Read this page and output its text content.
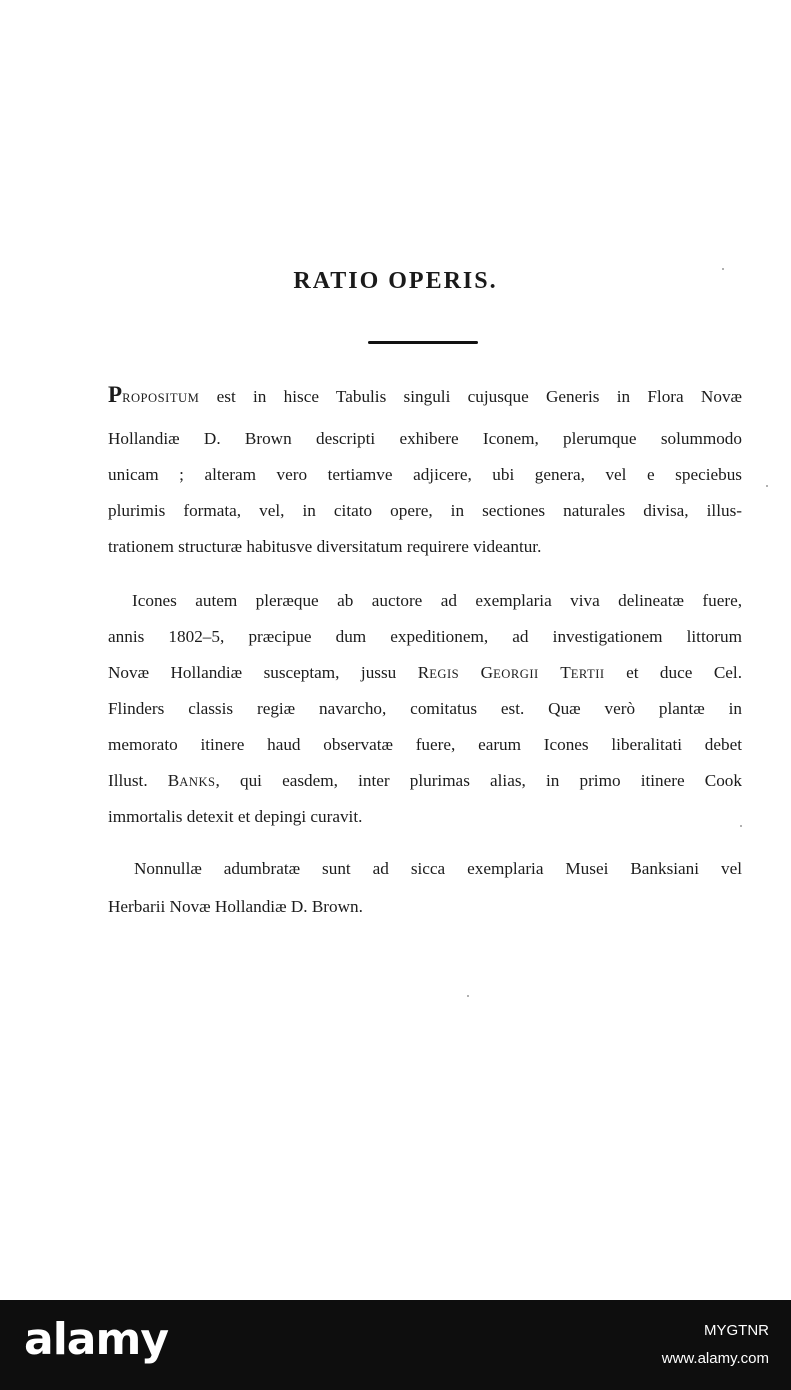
RATIO OPERIS.
PROPOSITUM est in hisce Tabulis singuli cujusque Generis in Flora Novæ
Hollandiæ D. Brown descripti exhibere Iconem, plerumque solummodo
unicam ; alteram vero tertiamve adjicere, ubi genera, vel e speciebus
plurimis formata, vel, in citato opere, in sectiones naturales divisa, illus-
trationem structuræ habitusve diversitatum requirere videantur.
Icones autem pleræque ab auctore ad exemplaria viva delineatæ fuere,
annis 1802–5, præcipue dum expeditionem, ad investigationem littorum
Novæ Hollandiæ susceptam, jussu REGIS GEORGII TERTII et duce Cel.
Flinders classis regiæ navarcho, comitatus est. Quæ verò plantæ in
memorato itinere haud observatæ fuere, earum Icones liberalitati debet
Illust. BANKS, qui easdem, inter plurimas alias, in primo itinere Cook
immortalis detexit et depingi curavit.
Nonnullæ adumbratæ sunt ad sicca exemplaria Musei Banksiani vel
Herbarii Novæ Hollandiæ D. Brown.
alamy	MYGTNR
www.alamy.com
